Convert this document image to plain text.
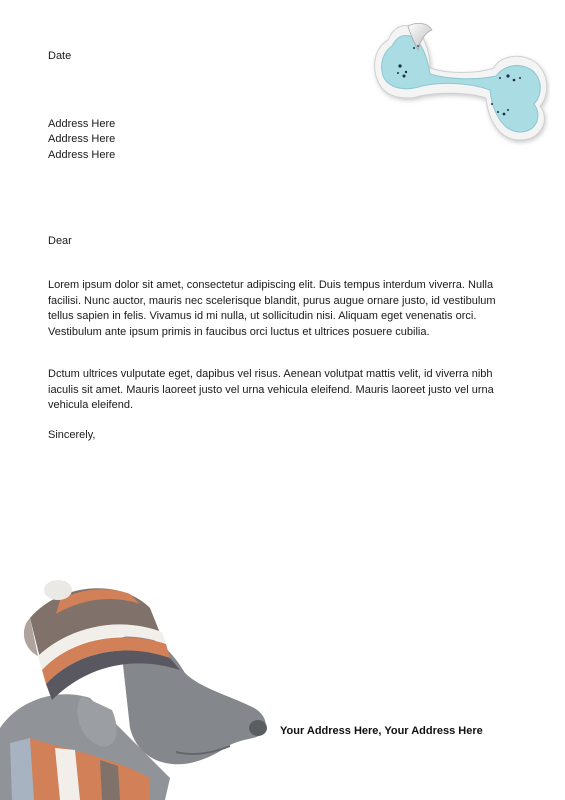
Date

Address Here
Address Here
Address Here

Dear

Lorem ipsum dolor sit amet, consectetur adipiscing elit. Duis tempus interdum viverra. Nulla facilisi. Nunc auctor, mauris nec scelerisque blandit, purus augue ornare justo, id vestibulum tellus sapien in felis. Vivamus id mi nulla, ut sollicitudin nisi. Aliquam eget venenatis orci. Vestibulum ante ipsum primis in faucibus orci luctus et ultrices posuere cubilia.

Dctum ultrices vulputate eget, dapibus vel risus. Aenean volutpat mattis velit, id viverra nibh iaculis sit amet. Mauris laoreet justo vel urna vehicula eleifend. Mauris laoreet justo vel urna vehicula eleifend.

Sincerely,

Your Address Here, Your Address Here
